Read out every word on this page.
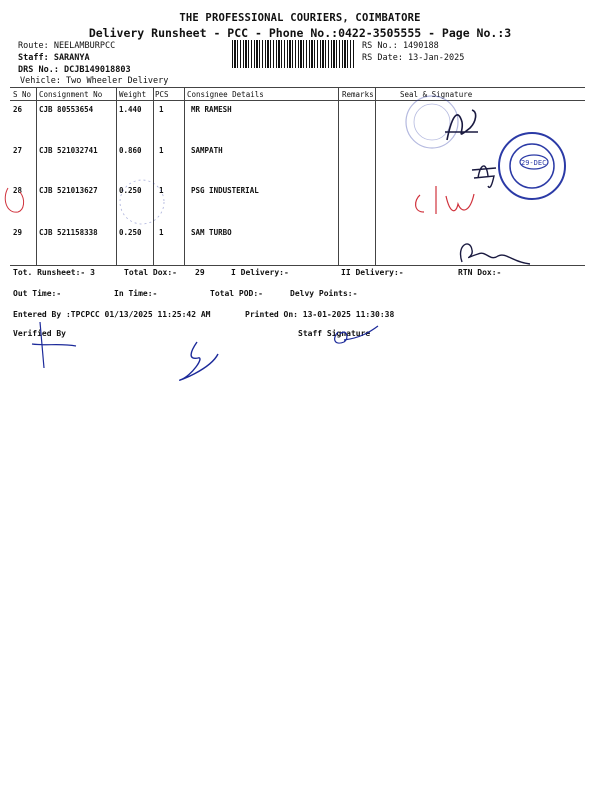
THE PROFESSIONAL COURIERS, COIMBATORE
Delivery Runsheet - PCC - Phone No.:0422-3505555 - Page No.:3
Route: NEELAMBURPCC
Staff: SARANYA
DRS No.: DCJB149018803
Vehicle: Two Wheeler Delivery
RS No.: 1490188
RS Date: 13-Jan-2025
S No Consignment No Weight PCS Consignee Details	Remarks	Seal & Signature
26 CJB 80553654	1.440 1	MR RAMESH
27 CJB 521032741	0.860 1	SAMPATH
28 CJB 521013627	0.250 1	PSG INDUSTERIAL
29 CJB 521158338	0.250 1	SAM TURBO
Tot. Runsheet:- 3	Total Dox:- 29	I Delivery:-	II Delivery:-	RTN Dox:-
Out Time:-	In Time:-	Total POD:-	Delvy Points:-
Entered By :TPCPCC 01/13/2025 11:25:42 AM	Printed On: 13-01-2025 11:30:38
Verified By	Staff Signature
29-DEC
